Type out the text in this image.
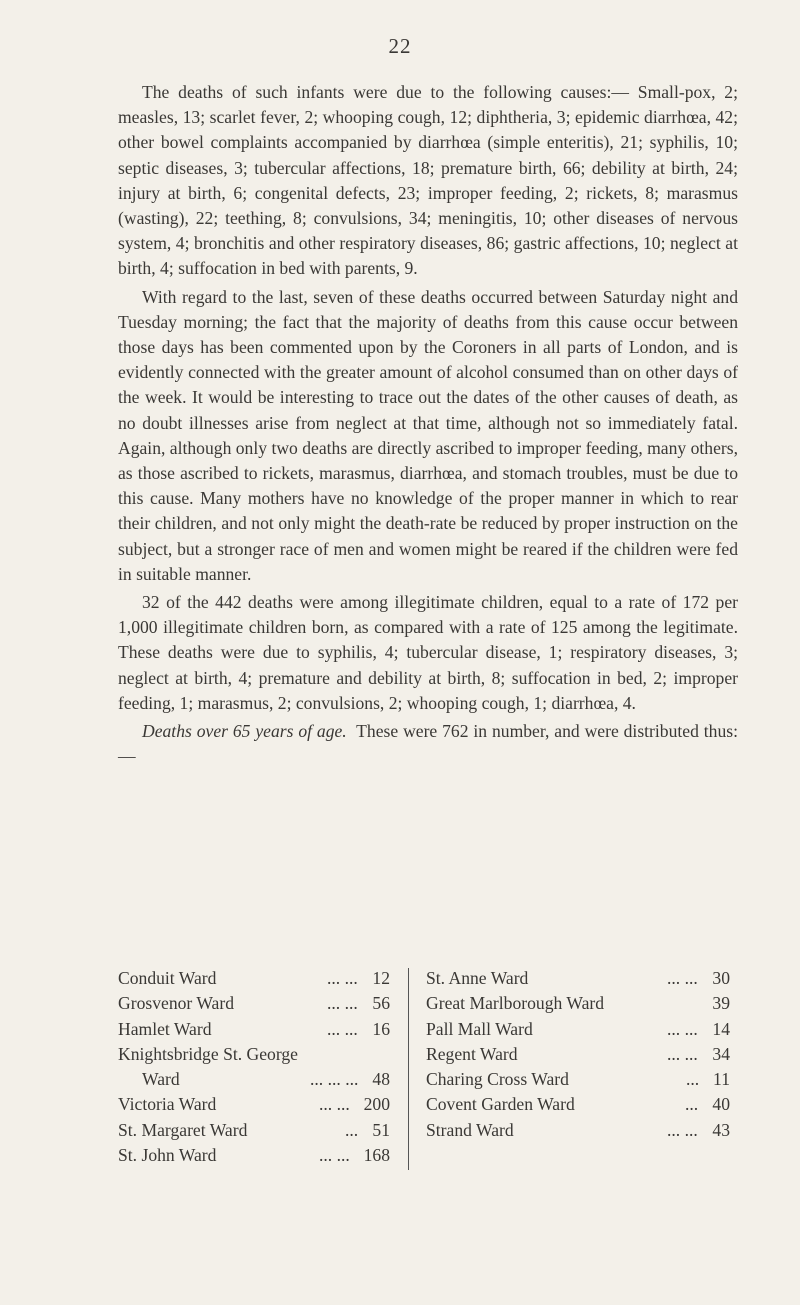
22

The deaths of such infants were due to the following causes:— Small-pox, 2; measles, 13; scarlet fever, 2; whooping cough, 12; diphtheria, 3; epidemic diarrhœa, 42; other bowel complaints accompanied by diarrhœa (simple enteritis), 21; syphilis, 10; septic diseases, 3; tubercular affections, 18; premature birth, 66; debility at birth, 24; injury at birth, 6; congenital defects, 23; improper feeding, 2; rickets, 8; marasmus (wasting), 22; teething, 8; convulsions, 34; meningitis, 10; other diseases of nervous system, 4; bronchitis and other respiratory diseases, 86; gastric affections, 10; neglect at birth, 4; suffocation in bed with parents, 9.

With regard to the last, seven of these deaths occurred between Saturday night and Tuesday morning; the fact that the majority of deaths from this cause occur between those days has been commented upon by the Coroners in all parts of London, and is evidently connected with the greater amount of alcohol consumed than on other days of the week. It would be interesting to trace out the dates of the other causes of death, as no doubt illnesses arise from neglect at that time, although not so immediately fatal. Again, although only two deaths are directly ascribed to improper feeding, many others, as those ascribed to rickets, marasmus, diarrhœa, and stomach troubles, must be due to this cause. Many mothers have no knowledge of the proper manner in which to rear their children, and not only might the death-rate be reduced by proper instruction on the subject, but a stronger race of men and women might be reared if the children were fed in suitable manner.

32 of the 442 deaths were among illegitimate children, equal to a rate of 172 per 1,000 illegitimate children born, as compared with a rate of 125 among the legitimate. These deaths were due to syphilis, 4; tubercular disease, 1; respiratory diseases, 3; neglect at birth, 4; premature and debility at birth, 8; suffocation in bed, 2; improper feeding, 1; marasmus, 2; convulsions, 2; whooping cough, 1; diarrhœa, 4.

Deaths over 65 years of age. These were 762 in number, and were distributed thus:—

Conduit Ward	... ... 12
Grosvenor Ward	... ... 56
Hamlet Ward	... ... 16
Knightsbridge St. George
Ward	... ... ... 48
Victoria Ward	... ... 200
St. Margaret Ward	... 51
St. John Ward	... ... 168
St. Anne Ward	... ... 30
Great Marlborough Ward	39
Pall Mall Ward	... ... 14
Regent Ward	... ... 34
Charing Cross Ward	... 11
Covent Garden Ward	... 40
Strand Ward	... ... 43
